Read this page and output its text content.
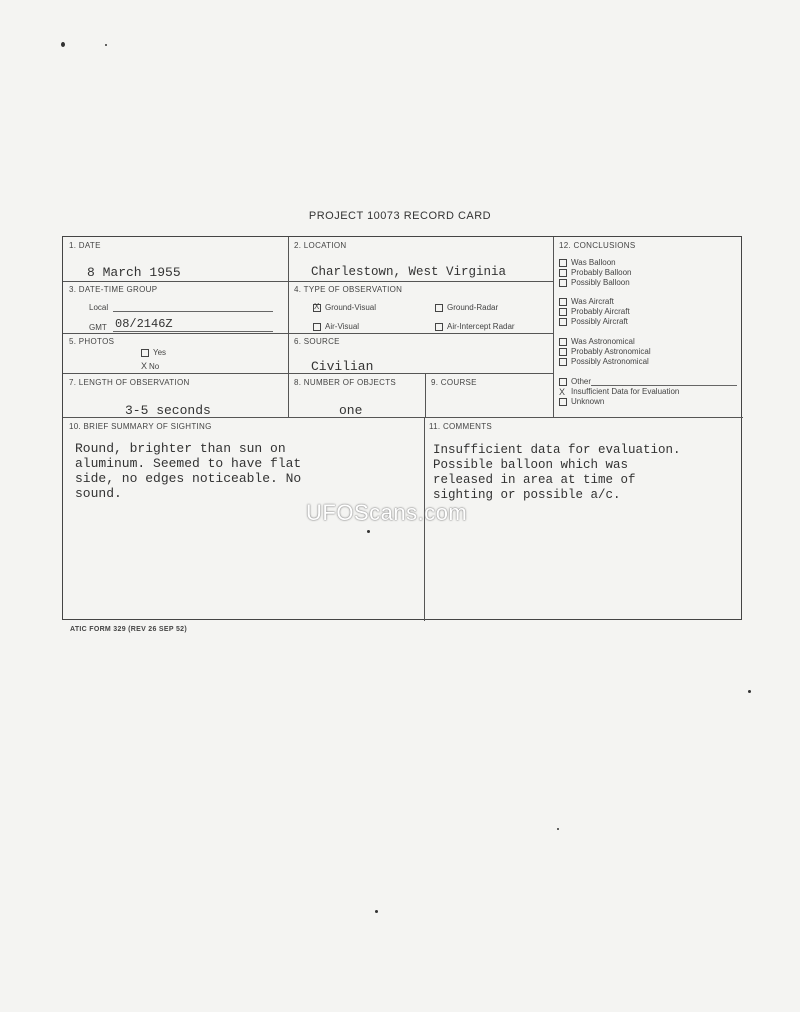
PROJECT 10073 RECORD CARD
1. DATE
8 March 1955
2. LOCATION
Charlestown, West Virginia
3. DATE-TIME GROUP
Local
GMT 08/2146Z
4. TYPE OF OBSERVATION
X Ground-Visual	Ground-Radar
Air-Visual	Air-Intercept Radar
5. PHOTOS
Yes
X No
6. SOURCE
Civilian
7. LENGTH OF OBSERVATION
3-5 seconds
8. NUMBER OF OBJECTS
one
9. COURSE
10. BRIEF SUMMARY OF SIGHTING
Round, brighter than sun on
aluminum. Seemed to have flat
side, no edges noticeable. No
sound.
11. COMMENTS
Insufficient data for evaluation.
Possible balloon which was
released in area at time of
sighting or possible a/c.
12. CONCLUSIONS
Was Balloon
Probably Balloon
Possibly Balloon
Was Aircraft
Probably Aircraft
Possibly Aircraft
Was Astronomical
Probably Astronomical
Possibly Astronomical
Other
X Insufficient Data for Evaluation
Unknown
ATIC FORM 329 (REV 26 SEP 52)
UFOScans.com
